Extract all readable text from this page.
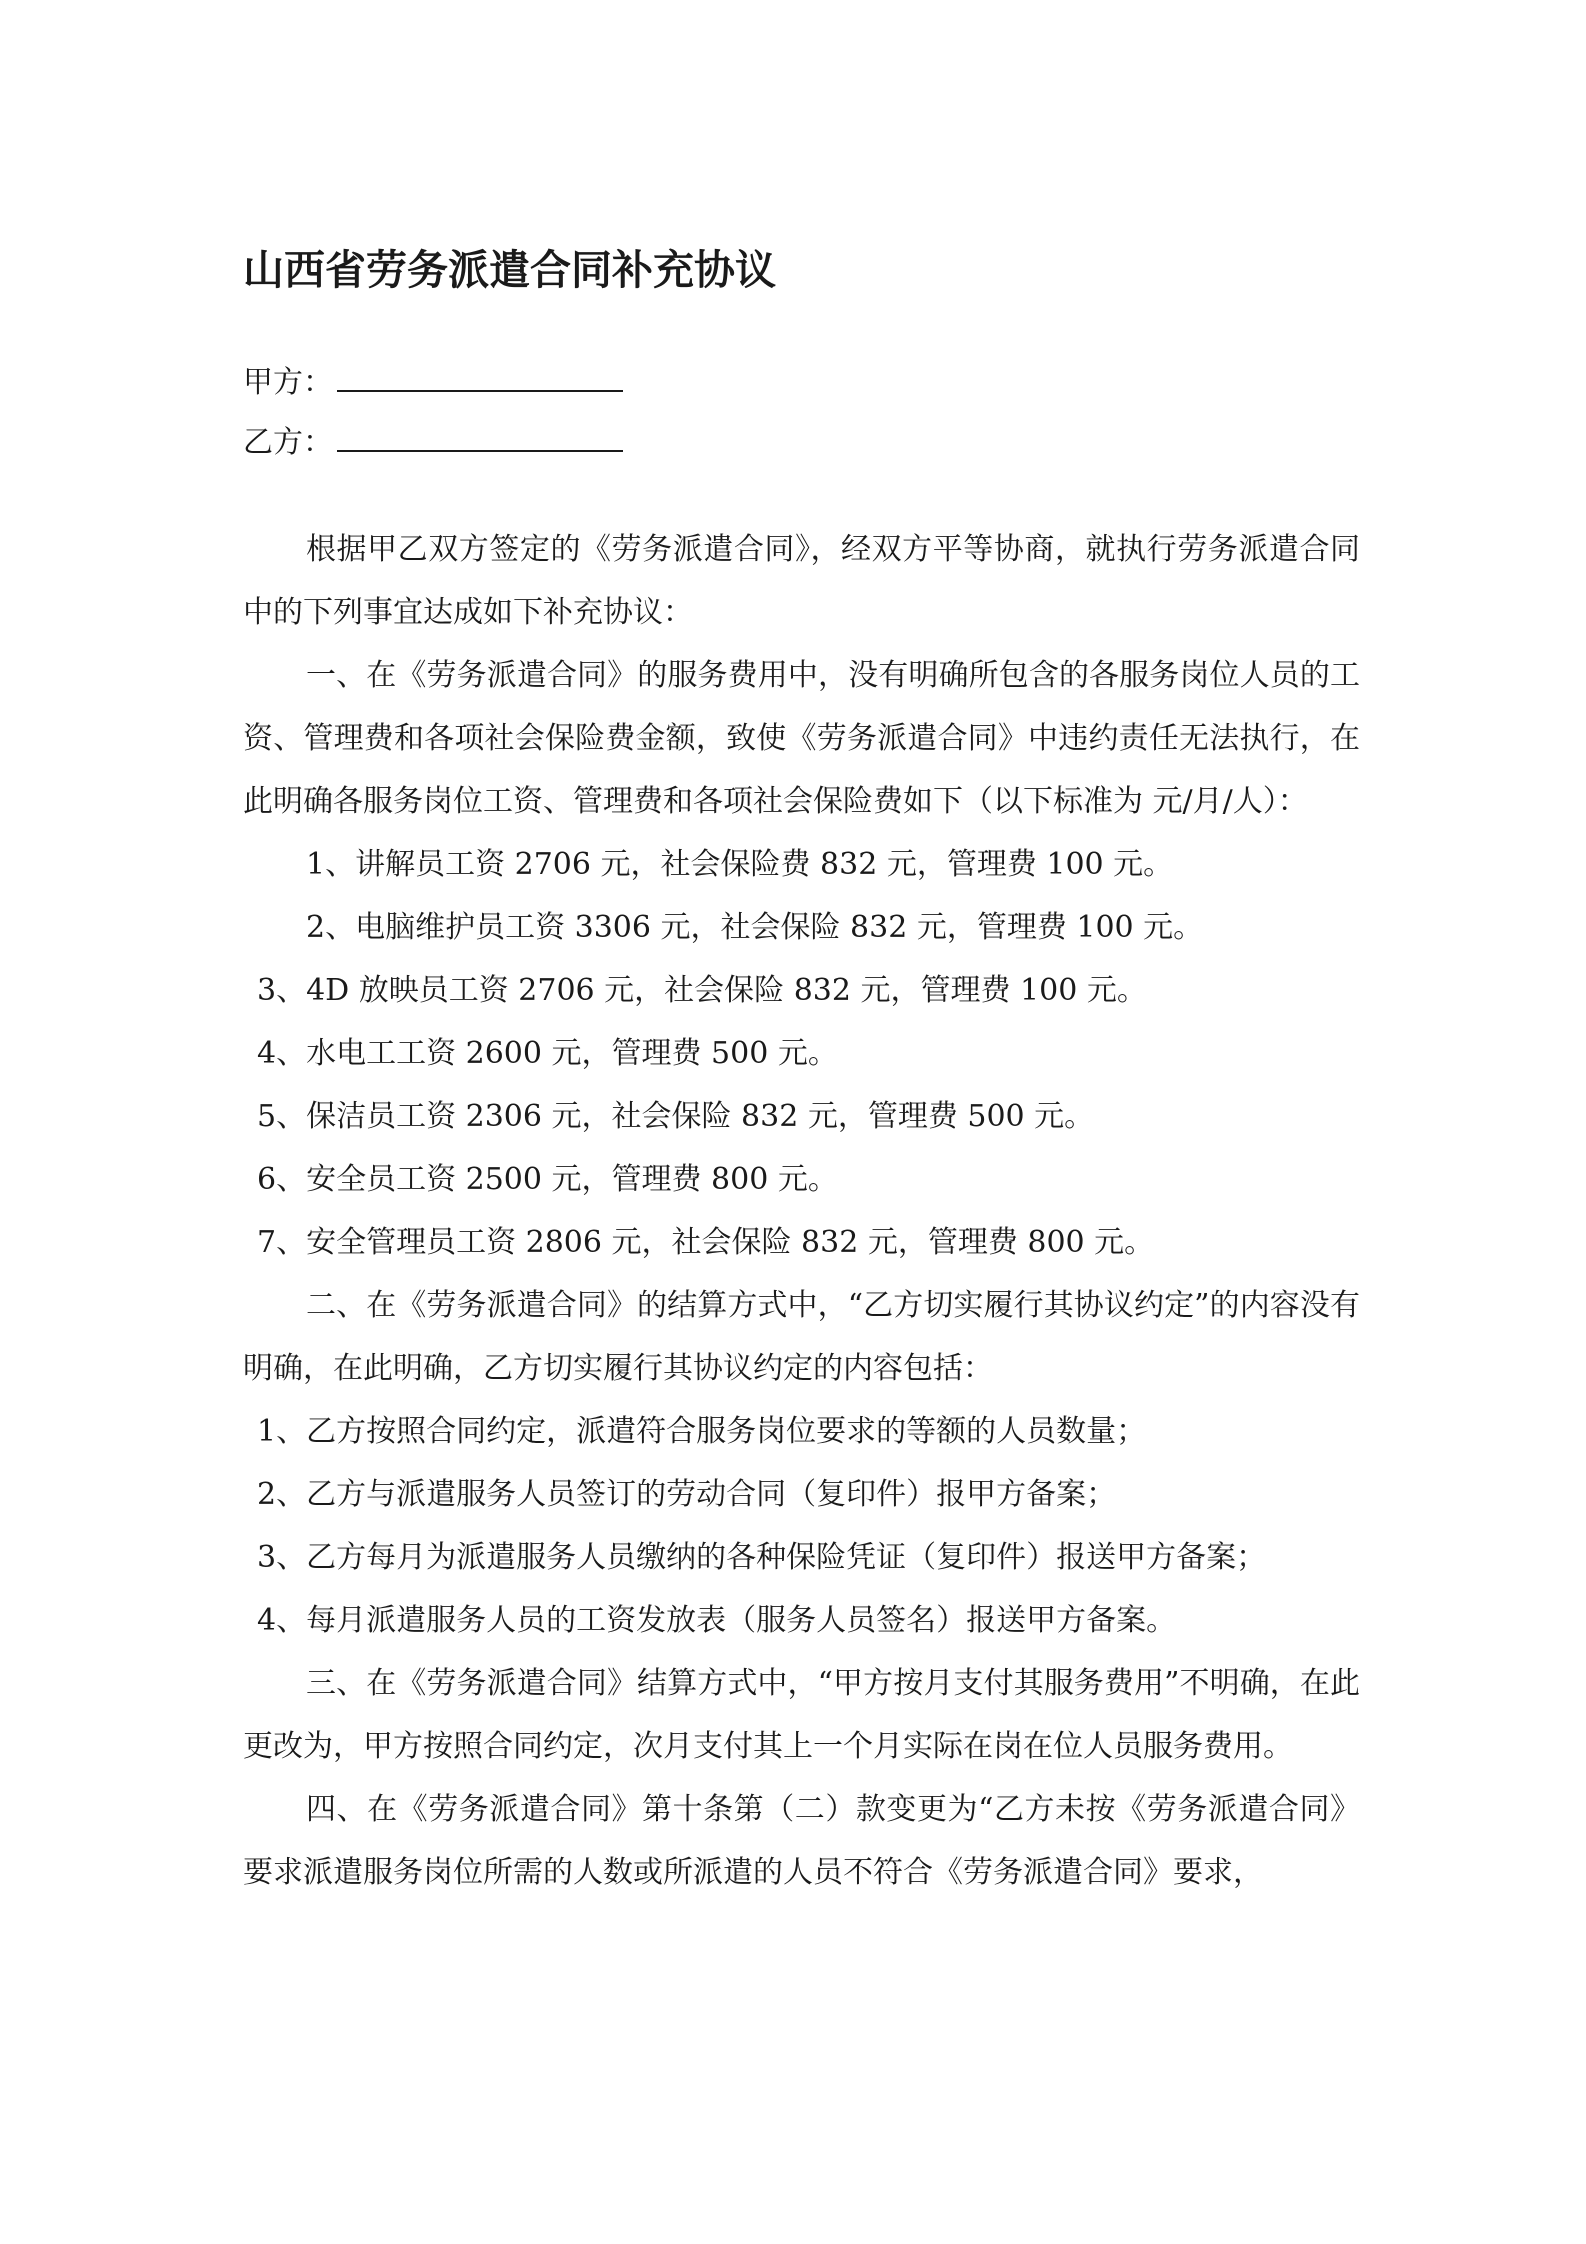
山西省劳务派遣合同补充协议
甲方：
乙方：

根据甲乙双方签定的《劳务派遣合同》，经双方平等协商，就执行劳务派遣合同中的下列事宜达成如下补充协议：

一、在《劳务派遣合同》的服务费用中，没有明确所包含的各服务岗位人员的工资、管理费和各项社会保险费金额，致使《劳务派遣合同》中违约责任无法执行，在此明确各服务岗位工资、管理费和各项社会保险费如下（以下标准为 元/月/人）：

1、讲解员工资 2706 元，社会保险费 832 元，管理费 100 元。

2、电脑维护员工资 3306 元，社会保险 832 元，管理费 100 元。

3、4D 放映员工资 2706 元，社会保险 832 元，管理费 100 元。

4、水电工工资 2600 元，管理费 500 元。

5、保洁员工资 2306 元，社会保险 832 元，管理费 500 元。

6、安全员工资 2500 元，管理费 800 元。

7、安全管理员工资 2806 元，社会保险 832 元，管理费 800 元。

二、在《劳务派遣合同》的结算方式中，“乙方切实履行其协议约定”的内容没有明确，在此明确，乙方切实履行其协议约定的内容包括：

1、乙方按照合同约定，派遣符合服务岗位要求的等额的人员数量；

2、乙方与派遣服务人员签订的劳动合同（复印件）报甲方备案；

3、乙方每月为派遣服务人员缴纳的各种保险凭证（复印件）报送甲方备案；

4、每月派遣服务人员的工资发放表（服务人员签名）报送甲方备案。

三、在《劳务派遣合同》结算方式中，“甲方按月支付其服务费用”不明确，在此更改为，甲方按照合同约定，次月支付其上一个月实际在岗在位人员服务费用。

四、在《劳务派遣合同》第十条第（二）款变更为“乙方未按《劳务派遣合同》要求派遣服务岗位所需的人数或所派遣的人员不符合《劳务派遣合同》要求，
